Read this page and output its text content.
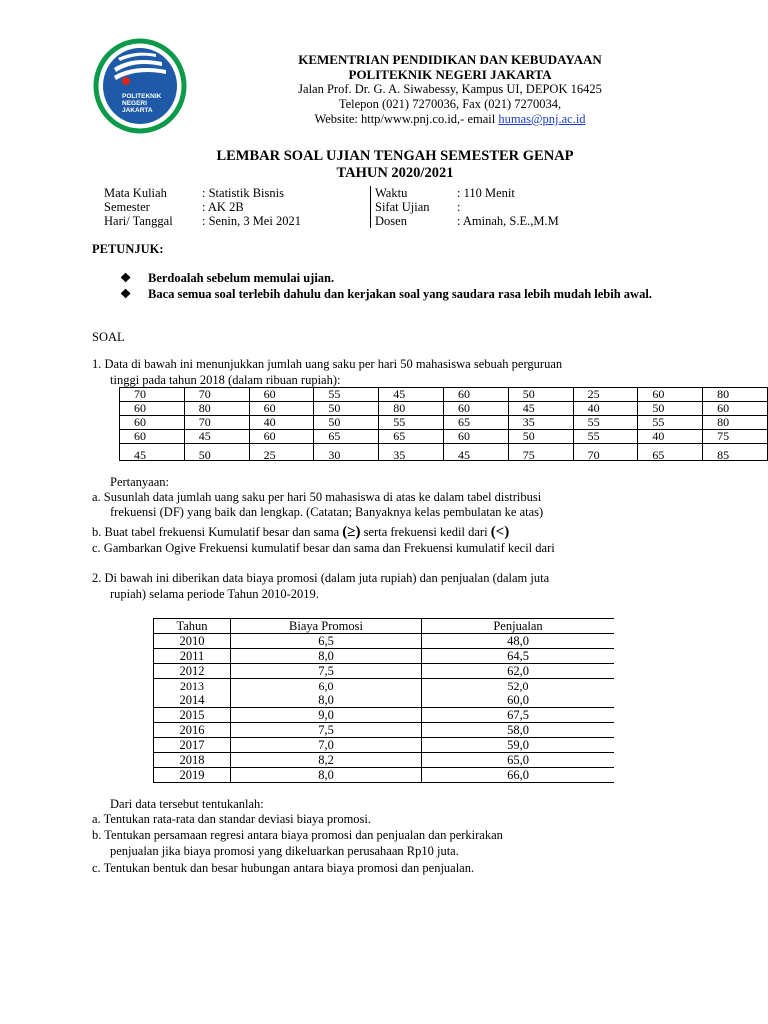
POLITEKNIK
NEGERI
JAKARTA
KEMENTRIAN PENDIDIKAN DAN KEBUDAYAAN
POLITEKNIK NEGERI JAKARTA
Jalan Prof. Dr. G. A. Siwabessy, Kampus UI, DEPOK 16425
Telepon (021) 7270036, Fax (021) 7270034,
Website: http/www.pnj.co.id,- email humas@pnj.ac.id
LEMBAR SOAL UJIAN TENGAH SEMESTER GENAP
TAHUN 2020/2021
Mata Kuliah	: Statistik Bisnis	Waktu	: 110 Menit
Semester	: AK 2B	Sifat Ujian	:
Hari/ Tanggal	: Senin, 3 Mei 2021	Dosen	: Aminah, S.E.,M.M
PETUNJUK:
❖ Berdoalah sebelum memulai ujian.
❖ Baca semua soal terlebih dahulu dan kerjakan soal yang saudara rasa lebih mudah lebih awal.
SOAL
1. Data di bawah ini menunjukkan jumlah uang saku per hari 50 mahasiswa sebuah perguruan
tinggi pada tahun 2018 (dalam ribuan rupiah):
70	70	60	55	45	60	50	25	60	80
60	80	60	50	80	60	45	40	50	60
60	70	40	50	55	65	35	55	55	80
60	45	60	65	65	60	50	55	40	75
45	50	25	30	35	45	75	70	65	85
Pertanyaan:
a. Susunlah data jumlah uang saku per hari 50 mahasiswa di atas ke dalam tabel distribusi
frekuensi (DF) yang baik dan lengkap. (Catatan; Banyaknya kelas pembulatan ke atas)
b. Buat tabel frekuensi Kumulatif besar dan sama (≥) serta frekuensi kedil dari (<)
c. Gambarkan Ogive Frekuensi kumulatif besar dan sama dan Frekuensi kumulatif kecil dari
2. Di bawah ini diberikan data biaya promosi (dalam juta rupiah) dan penjualan (dalam juta
rupiah) selama periode Tahun 2010-2019.
Tahun	Biaya Promosi	Penjualan
2010	6,5	48,0
2011	8,0	64,5
2012	7,5	62,0
2013	6,0	52,0
2014	8,0	60,0
2015	9,0	67,5
2016	7,5	58,0
2017	7,0	59,0
2018	8,2	65,0
2019	8,0	66,0
Dari data tersebut tentukanlah:
a. Tentukan rata-rata dan standar deviasi biaya promosi.
b. Tentukan persamaan regresi antara biaya promosi dan penjualan dan perkirakan
penjualan jika biaya promosi yang dikeluarkan perusahaan Rp10 juta.
c. Tentukan bentuk dan besar hubungan antara biaya promosi dan penjualan.
